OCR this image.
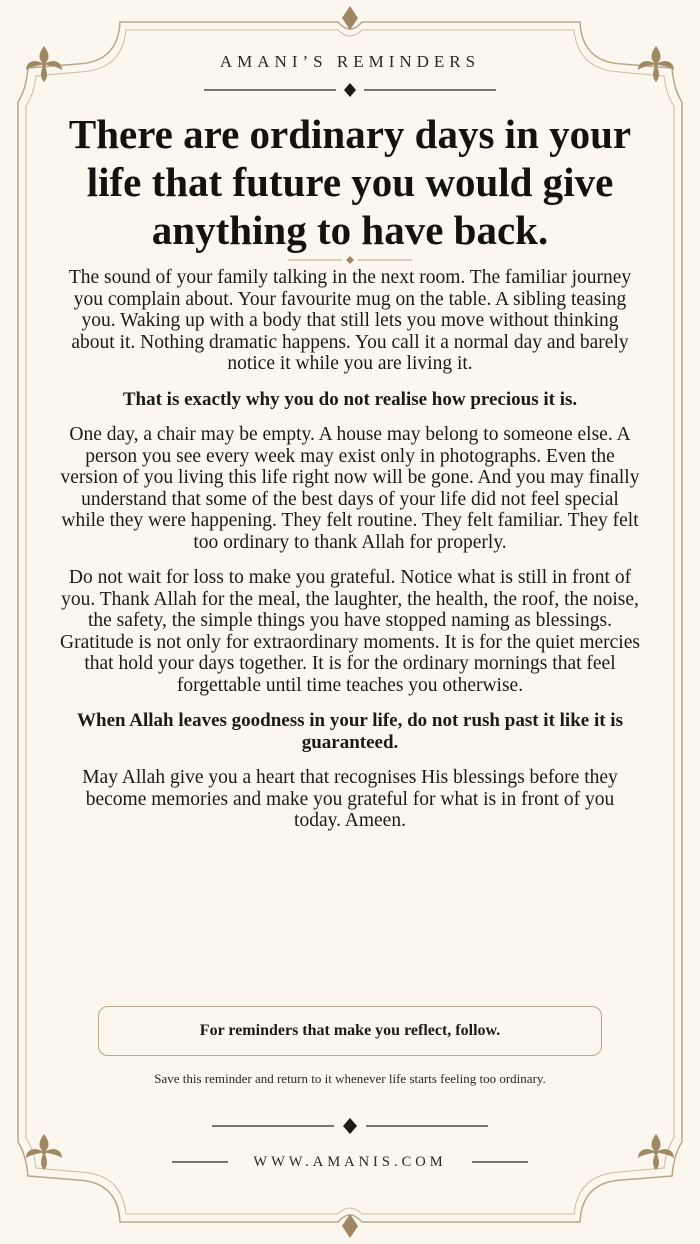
AMANI’S REMINDERS
There are ordinary days in your life that future you would give anything to have back.

The sound of your family talking in the next room. The familiar journey you complain about. Your favourite mug on the table. A sibling teasing you. Waking up with a body that still lets you move without thinking about it. Nothing dramatic happens. You call it a normal day and barely notice it while you are living it.

That is exactly why you do not realise how precious it is.

One day, a chair may be empty. A house may belong to someone else. A person you see every week may exist only in photographs. Even the version of you living this life right now will be gone. And you may finally understand that some of the best days of your life did not feel special while they were happening. They felt routine. They felt familiar. They felt too ordinary to thank Allah for properly.

Do not wait for loss to make you grateful. Notice what is still in front of you. Thank Allah for the meal, the laughter, the health, the roof, the noise, the safety, the simple things you have stopped naming as blessings. Gratitude is not only for extraordinary moments. It is for the quiet mercies that hold your days together. It is for the ordinary mornings that feel forgettable until time teaches you otherwise.

When Allah leaves goodness in your life, do not rush past it like it is guaranteed.

May Allah give you a heart that recognises His blessings before they become memories and make you grateful for what is in front of you today. Ameen.

For reminders that make you reflect, follow.
Save this reminder and return to it whenever life starts feeling too ordinary.
WWW.AMANIS.COM
